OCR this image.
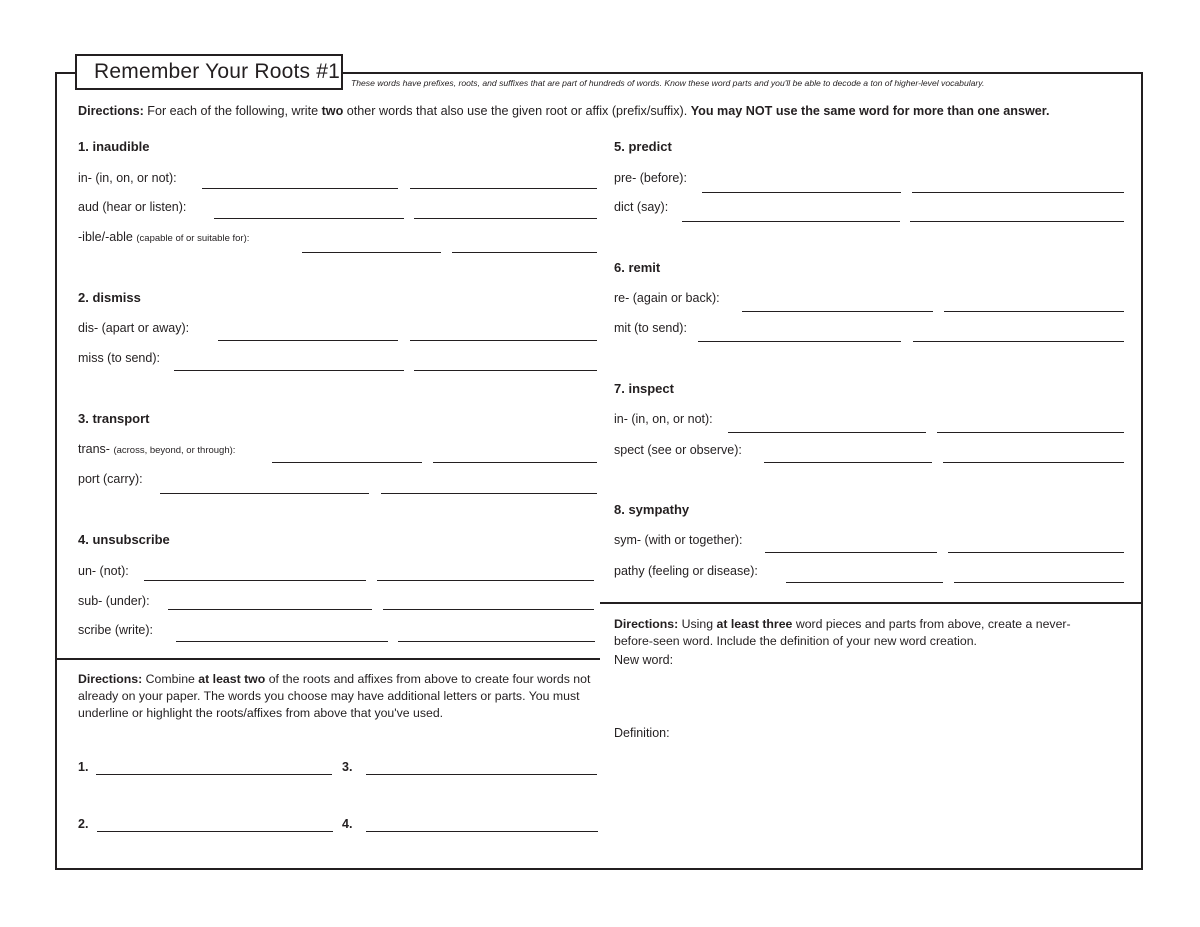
Remember Your Roots #1	These words have prefixes, roots, and suffixes that are part of hundreds of words. Know these word parts and you'll be able to decode a ton of higher-level vocabulary.
Directions: For each of the following, write two other words that also use the given root or affix (prefix/suffix). You may NOT use the same word for more than one answer.
1. inaudible
in- (in, on, or not):
aud (hear or listen):
-ible/-able (capable of or suitable for):
2. dismiss
dis- (apart or away):
miss (to send):
3. transport
trans- (across, beyond, or through):
port (carry):
4. unsubscribe
un- (not):
sub- (under):
scribe (write):
5. predict
pre- (before):
dict (say):
6. remit
re- (again or back):
mit (to send):
7. inspect
in- (in, on, or not):
spect (see or observe):
8. sympathy
sym- (with or together):
pathy (feeling or disease):
Directions: Combine at least two of the roots and affixes from above to create four words not already on your paper. The words you choose may have additional letters or parts. You must underline or highlight the roots/affixes from above that you've used.
1.	3.
2.	4.
Directions: Using at least three word pieces and parts from above, create a never-before-seen word. Include the definition of your new word creation.
New word:
Definition:
